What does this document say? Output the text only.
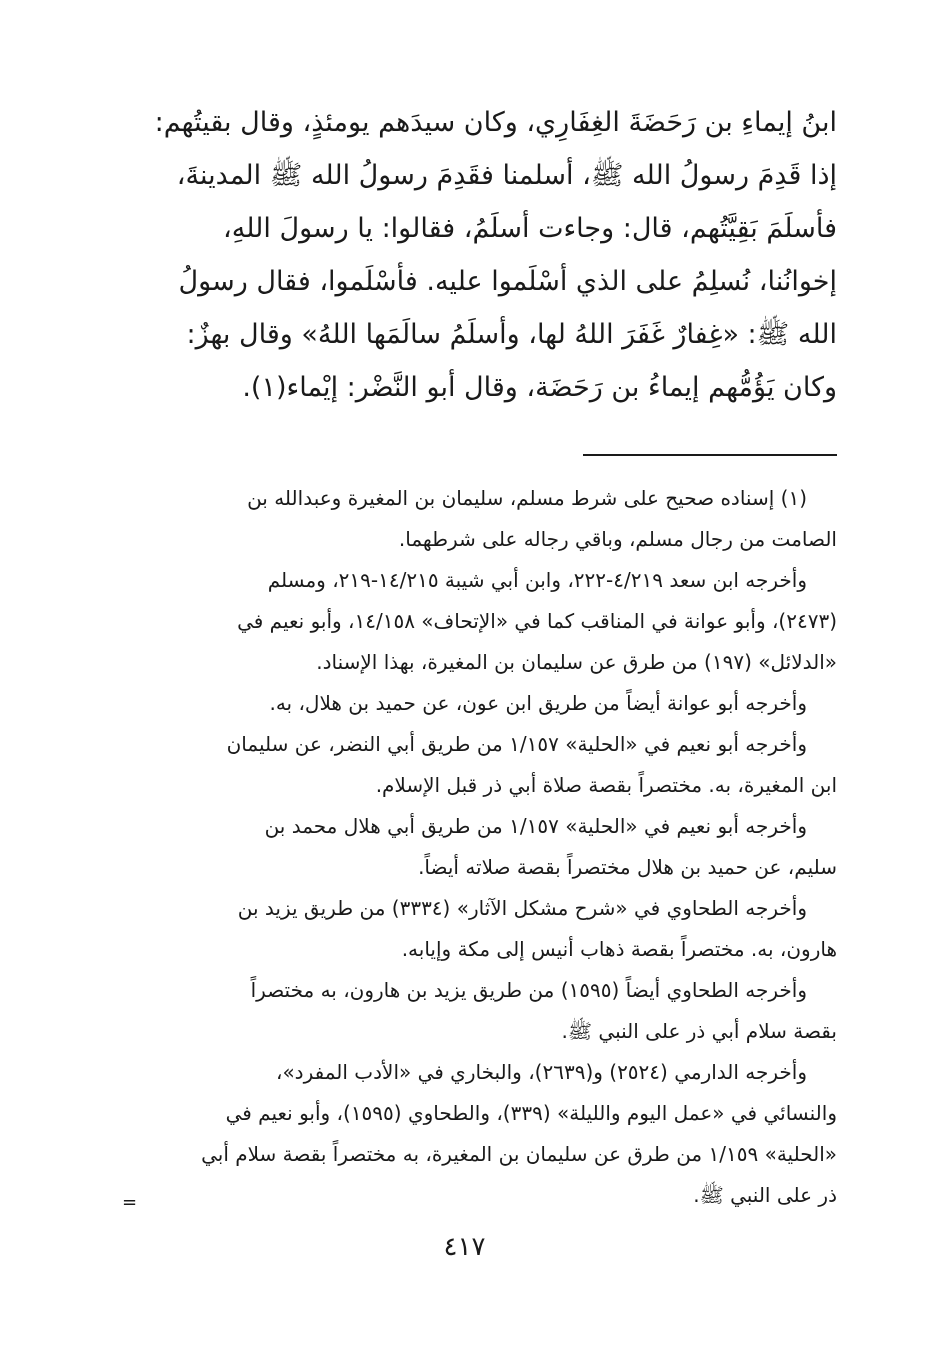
ابنُ إيماءِ بن رَحَضَةَ الغِفَارِي، وكان سيدَهم يومئذٍ، وقال بقيتُهم:
إذا قَدِمَ رسولُ الله ﷺ، أسلمنا فقَدِمَ رسولُ الله ﷺ المدينةَ،
فأسلَمَ بَقِيَّتُهم، قال: وجاءت أسلَمُ، فقالوا: يا رسولَ اللهِ،
إخوانُنا، نُسلِمُ على الذي أسْلَموا عليه. فأسْلَموا، فقال رسولُ
الله ﷺ: «غِفارٌ غَفَرَ اللهُ لها، وأسلَمُ سالَمَها اللهُ» وقال بهزٌ:
وكان يَؤُمُّهم إيماءُ بن رَحَضَة، وقال أبو النَّضْر: إيْماء(١).
(١) إسناده صحيح على شرط مسلم، سليمان بن المغيرة وعبدالله بن
الصامت من رجال مسلم، وباقي رجاله على شرطهما.
وأخرجه ابن سعد ٤/٢١٩-٢٢٢، وابن أبي شيبة ١٤/٢١٥-٢١٩، ومسلم
(٢٤٧٣)، وأبو عوانة في المناقب كما في «الإتحاف» ١٤/١٥٨، وأبو نعيم في
«الدلائل» (١٩٧) من طرق عن سليمان بن المغيرة، بهذا الإسناد.
وأخرجه أبو عوانة أيضاً من طريق ابن عون، عن حميد بن هلال، به.
وأخرجه أبو نعيم في «الحلية» ١/١٥٧ من طريق أبي النضر، عن سليمان
ابن المغيرة، به. مختصراً بقصة صلاة أبي ذر قبل الإسلام.
وأخرجه أبو نعيم في «الحلية» ١/١٥٧ من طريق أبي هلال محمد بن
سليم، عن حميد بن هلال مختصراً بقصة صلاته أيضاً.
وأخرجه الطحاوي في «شرح مشكل الآثار» (٣٣٣٤) من طريق يزيد بن
هارون، به. مختصراً بقصة ذهاب أنيس إلى مكة وإيابه.
وأخرجه الطحاوي أيضاً (١٥٩٥) من طريق يزيد بن هارون، به مختصراً
بقصة سلام أبي ذر على النبي ﷺ.
وأخرجه الدارمي (٢٥٢٤) و(٢٦٣٩)، والبخاري في «الأدب المفرد»،
والنسائي في «عمل اليوم والليلة» (٣٣٩)، والطحاوي (١٥٩٥)، وأبو نعيم في
«الحلية» ١/١٥٩ من طرق عن سليمان بن المغيرة، به مختصراً بقصة سلام أبي
ذر على النبي ﷺ.
=
٤١٧
